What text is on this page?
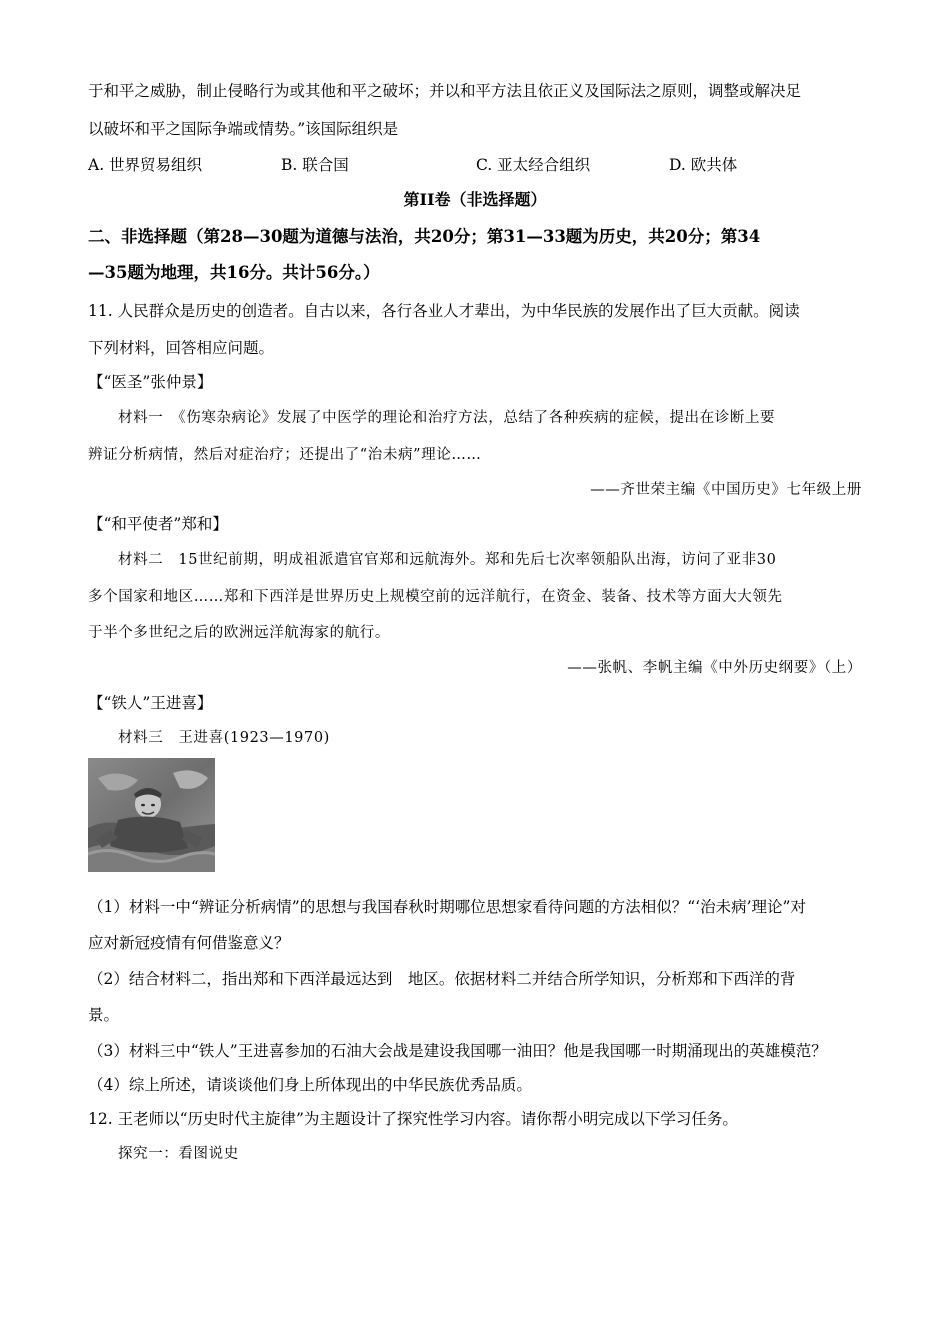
于和平之威胁，制止侵略行为或其他和平之破坏；并以和平方法且依正义及国际法之原则，调整或解决足
以破坏和平之国际争端或情势。”该国际组织是
A. 世界贸易组织	B. 联合国	C. 亚太经合组织	D. 欧共体
第II卷（非选择题）
二、非选择题（第28—30题为道德与法治，共20分；第31—33题为历史，共20分；第34
—35题为地理，共16分。共计56分。）
11. 人民群众是历史的创造者。自古以来，各行各业人才辈出，为中华民族的发展作出了巨大贡献。阅读
下列材料，回答相应问题。
【“医圣”张仲景】
材料一　《伤寒杂病论》发展了中医学的理论和治疗方法，总结了各种疾病的症候，提出在诊断上要
辨证分析病情，然后对症治疗；还提出了“治未病”理论……
——齐世荣主编《中国历史》七年级上册
【“和平使者”郑和】
材料二　15世纪前期，明成祖派遣官官郑和远航海外。郑和先后七次率领船队出海，访问了亚非30
多个国家和地区……郑和下西洋是世界历史上规模空前的远洋航行，在资金、装备、技术等方面大大领先
于半个多世纪之后的欧洲远洋航海家的航行。
——张帆、李帆主编《中外历史纲要》（上）
【“铁人”王进喜】
材料三　王进喜(1923—1970)
（1）材料一中“辨证分析病情”的思想与我国春秋时期哪位思想家看待问题的方法相似？“‘治未病’理论”对
应对新冠疫情有何借鉴意义？
（2）结合材料二，指出郑和下西洋最远达到　地区。依据材料二并结合所学知识，分析郑和下西洋的背
景。
（3）材料三中“铁人”王进喜参加的石油大会战是建设我国哪一油田？他是我国哪一时期涌现出的英雄模范？
（4）综上所述，请谈谈他们身上所体现出的中华民族优秀品质。
12. 王老师以“历史时代主旋律”为主题设计了探究性学习内容。请你帮小明完成以下学习任务。
探究一：看图说史
